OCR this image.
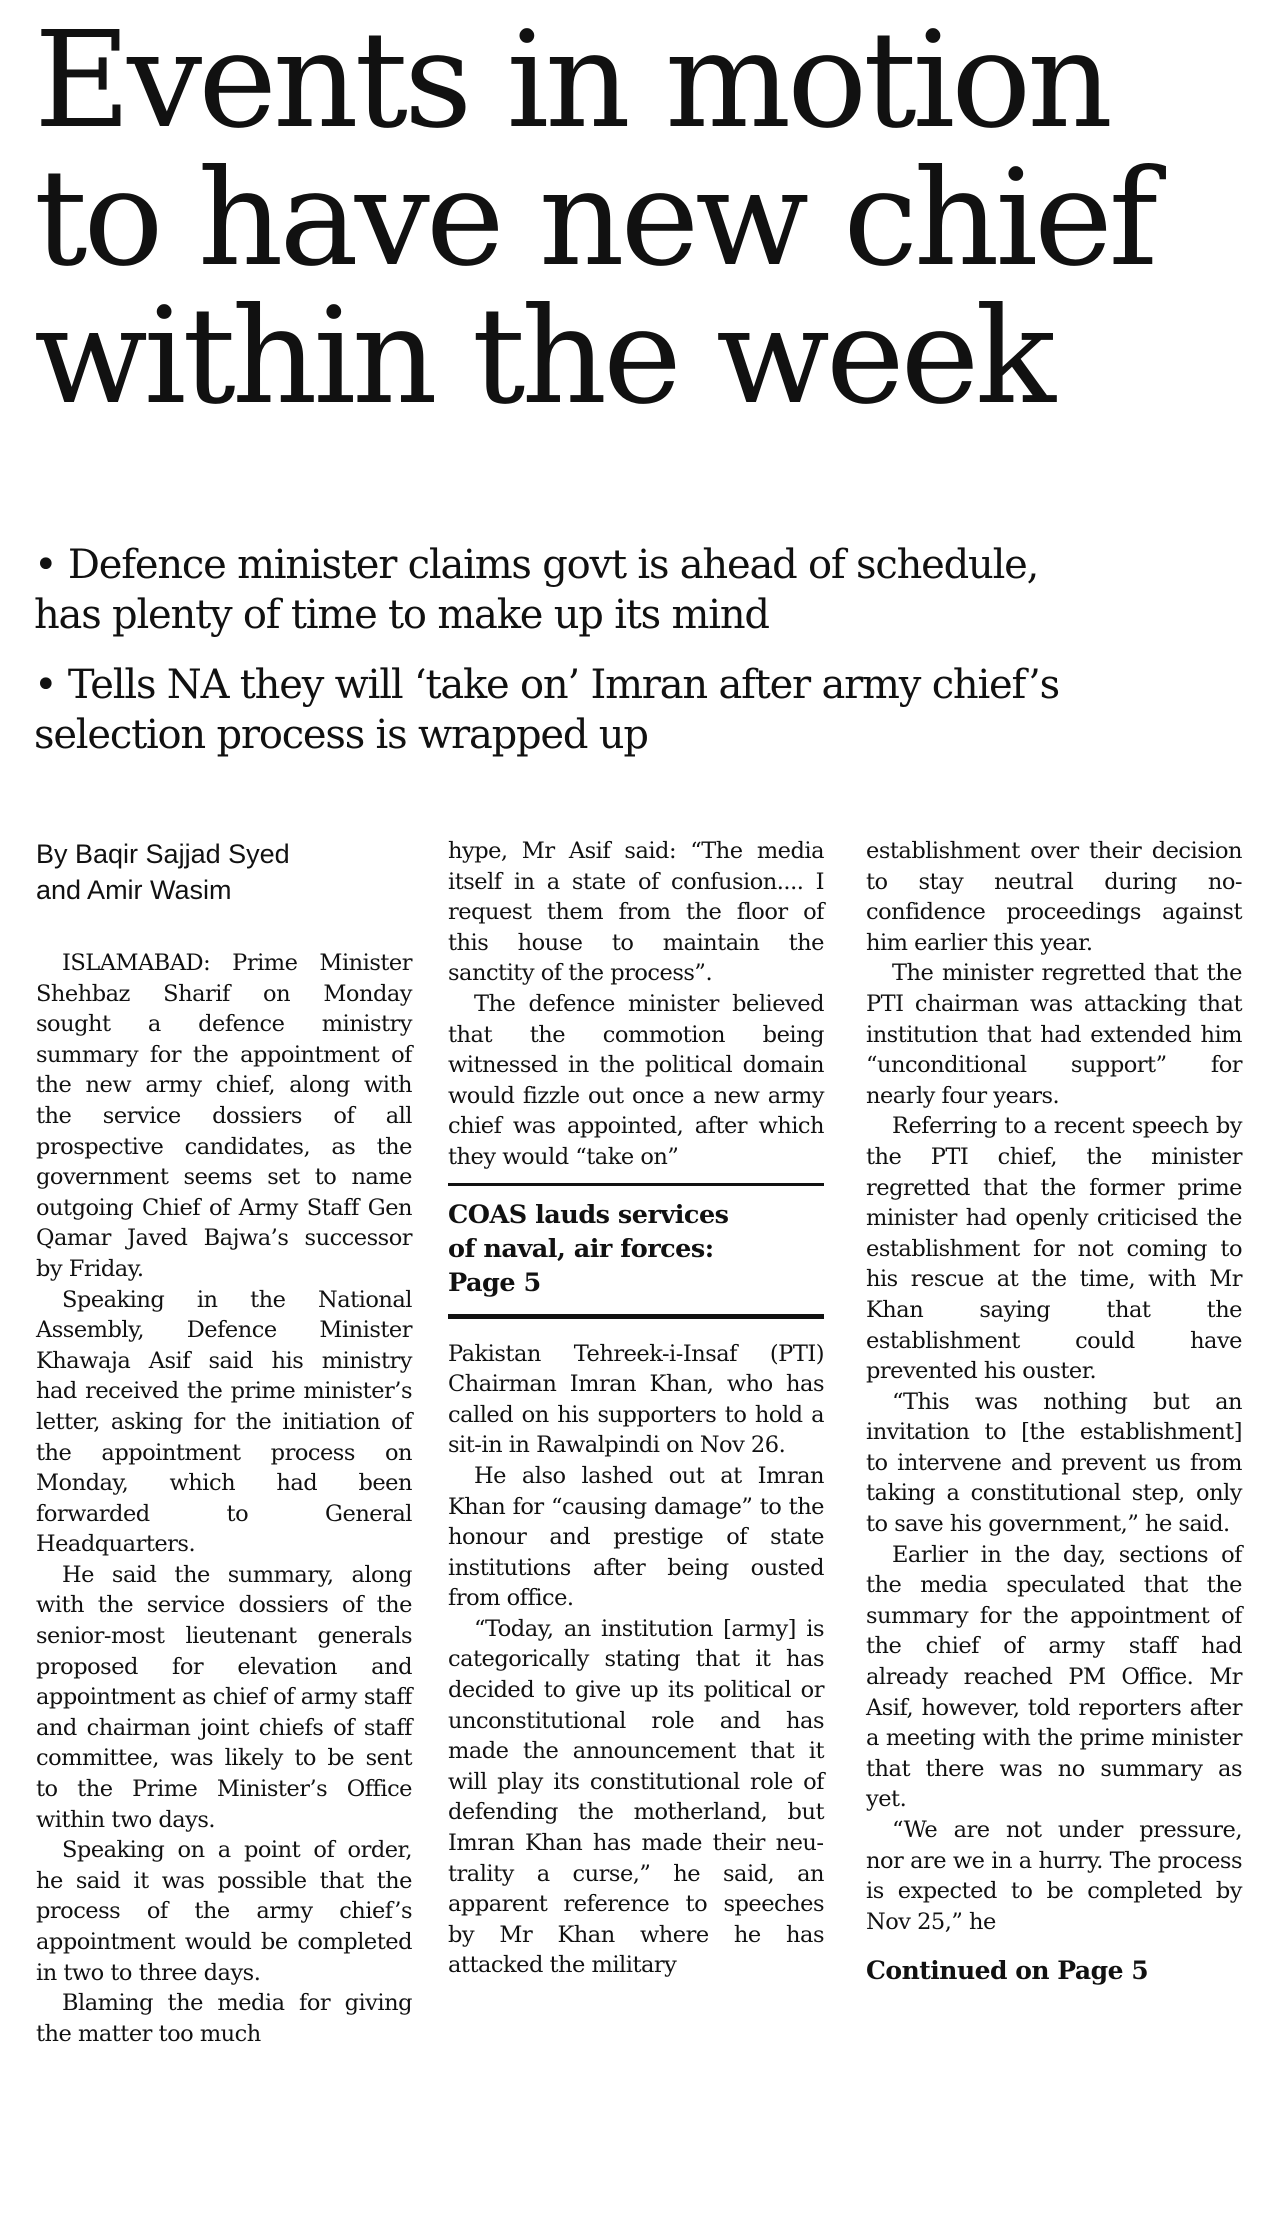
Events in motion
to have new chief
within the week

• Defence minister claims govt is ahead of schedule,
has plenty of time to make up its mind

• Tells NA they will ‘take on’ Imran after army chief’s
selection process is wrapped up

By Baqir Sajjad Syed
and Amir Wasim

ISLAMABAD: Prime Minister Shehbaz Sharif on Monday sought a defence ministry summary for the appointment of the new army chief, along with the service dossiers of all prospective candidates, as the government seems set to name outgoing Chief of Army Staff Gen Qamar Javed Bajwa’s successor by Friday.

Speaking in the National Assembly, Defence Minister Khawaja Asif said his ministry had received the prime minister’s letter, asking for the initiation of the appointment process on Monday, which had been forwarded to General Headquarters.

He said the summary, along with the service dossiers of the senior-most lieutenant generals proposed for elevation and appointment as chief of army staff and chairman joint chiefs of staff committee, was likely to be sent to the Prime Minister’s Office within two days.

Speaking on a point of order, he said it was possible that the process of the army chief’s appointment would be completed in two to three days.

Blaming the media for giving the matter too much

hype, Mr Asif said: “The media itself in a state of confusion.... I request them from the floor of this house to maintain the sanctity of the process”.

The defence minister believed that the commotion being witnessed in the political domain would fizzle out once a new army chief was appointed, after which they would “take on”

COAS lauds services
of naval, air forces:
Page 5

Pakistan Tehreek-i-Insaf (PTI) Chairman Imran Khan, who has called on his supporters to hold a sit-in in Rawalpindi on Nov 26.

He also lashed out at Imran Khan for “causing damage” to the honour and prestige of state institutions after being ousted from office.

“Today, an institution [army] is categorically stating that it has decided to give up its political or unconstitutional role and has made the announcement that it will play its constitutional role of defending the motherland, but Imran Khan has made their neutrality a curse,” he said, an apparent reference to speeches by Mr Khan where he has attacked the military

establishment over their decision to stay neutral during no-confidence proceedings against him earlier this year.

The minister regretted that the PTI chairman was attacking that institution that had extended him “unconditional support” for nearly four years.

Referring to a recent speech by the PTI chief, the minister regretted that the former prime minister had openly criticised the establishment for not coming to his rescue at the time, with Mr Khan saying that the establishment could have prevented his ouster.

“This was nothing but an invitation to [the establishment] to intervene and prevent us from taking a constitutional step, only to save his government,” he said.

Earlier in the day, sections of the media speculated that the summary for the appointment of the chief of army staff had already reached PM Office. Mr Asif, however, told reporters after a meeting with the prime minister that there was no summary as yet.

“We are not under pressure, nor are we in a hurry. The process is expected to be completed by Nov 25,” he

Continued on Page 5
